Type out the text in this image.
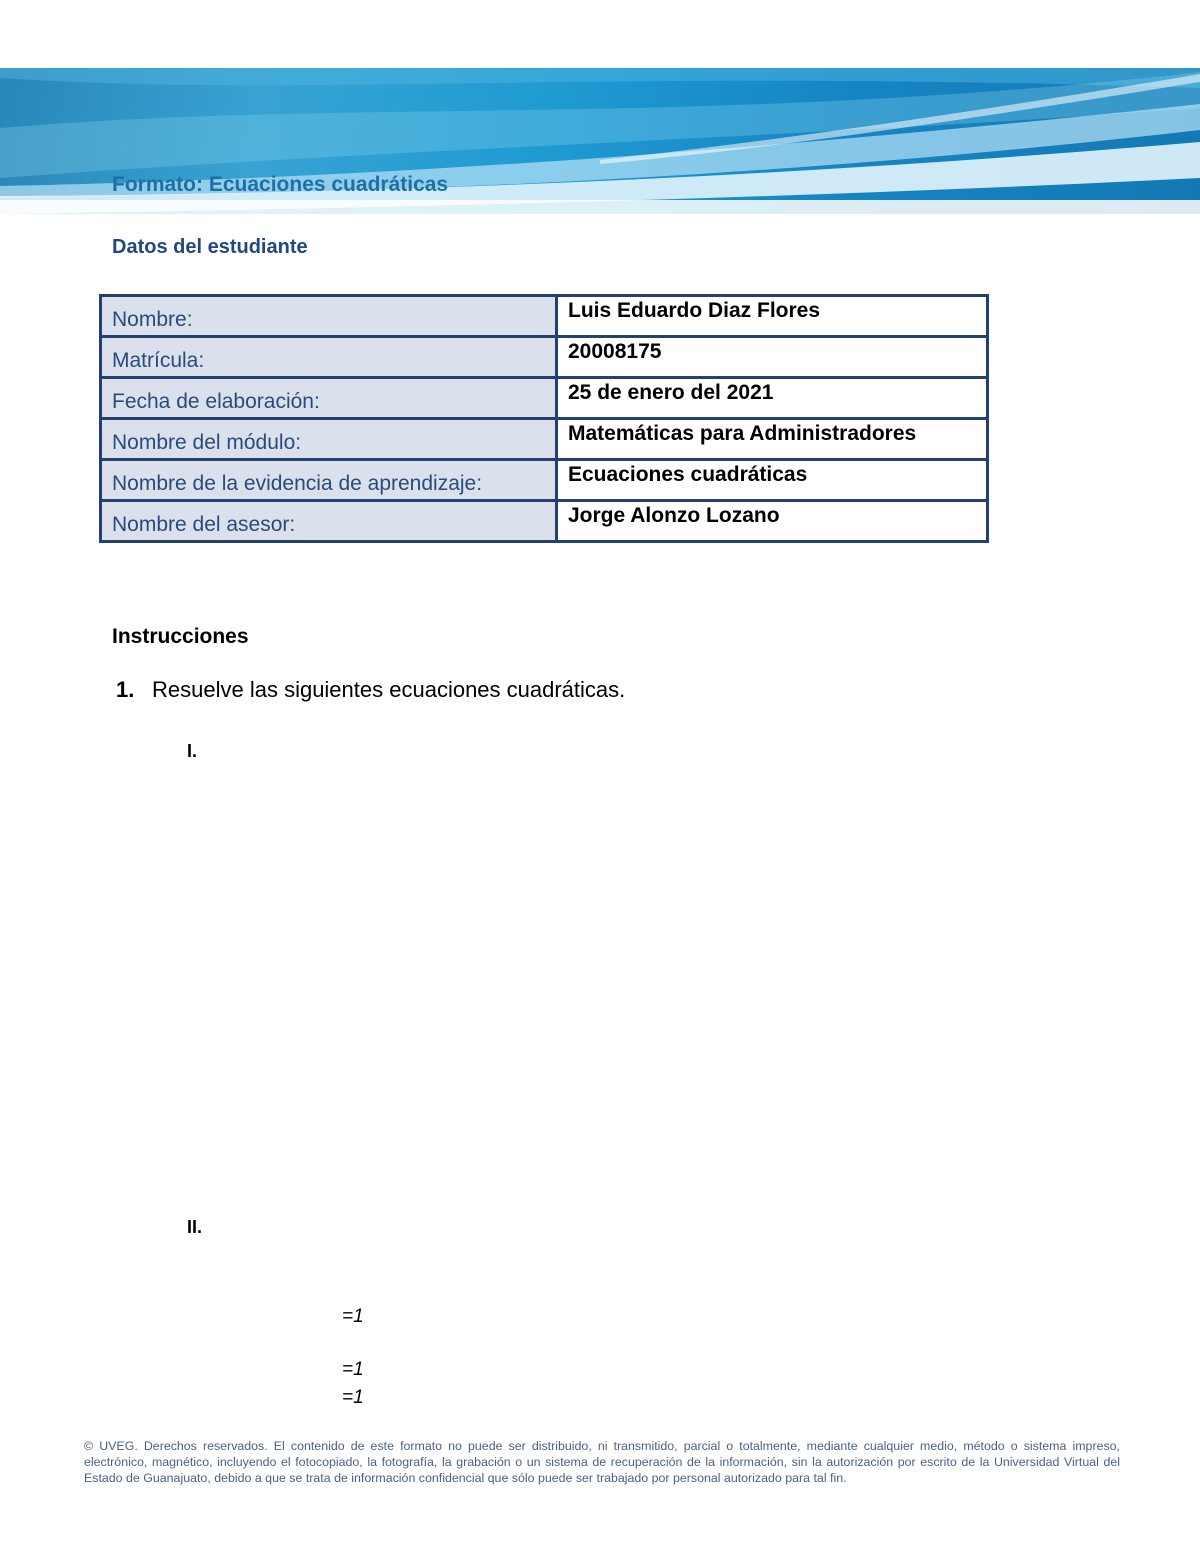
Formato: Ecuaciones cuadráticas
Datos del estudiante
Nombre:	Luis Eduardo Diaz Flores
Matrícula:	20008175
Fecha de elaboración:	25 de enero del 2021
Nombre del módulo:	Matemáticas para Administradores
Nombre de la evidencia de aprendizaje:	Ecuaciones cuadráticas
Nombre del asesor:	Jorge Alonzo Lozano
Instrucciones
1. Resuelve las siguientes ecuaciones cuadráticas.
I.
II.
=1
=1
=1

© UVEG. Derechos reservados. El contenido de este formato no puede ser distribuido, ni transmitido, parcial o totalmente, mediante cualquier medio, método o sistema impreso, electrónico, magnético, incluyendo el fotocopiado, la fotografía, la grabación o un sistema de recuperación de la información, sin la autorización por escrito de la Universidad Virtual del Estado de Guanajuato, debido a que se trata de información confidencial que sólo puede ser trabajado por personal autorizado para tal fin.
